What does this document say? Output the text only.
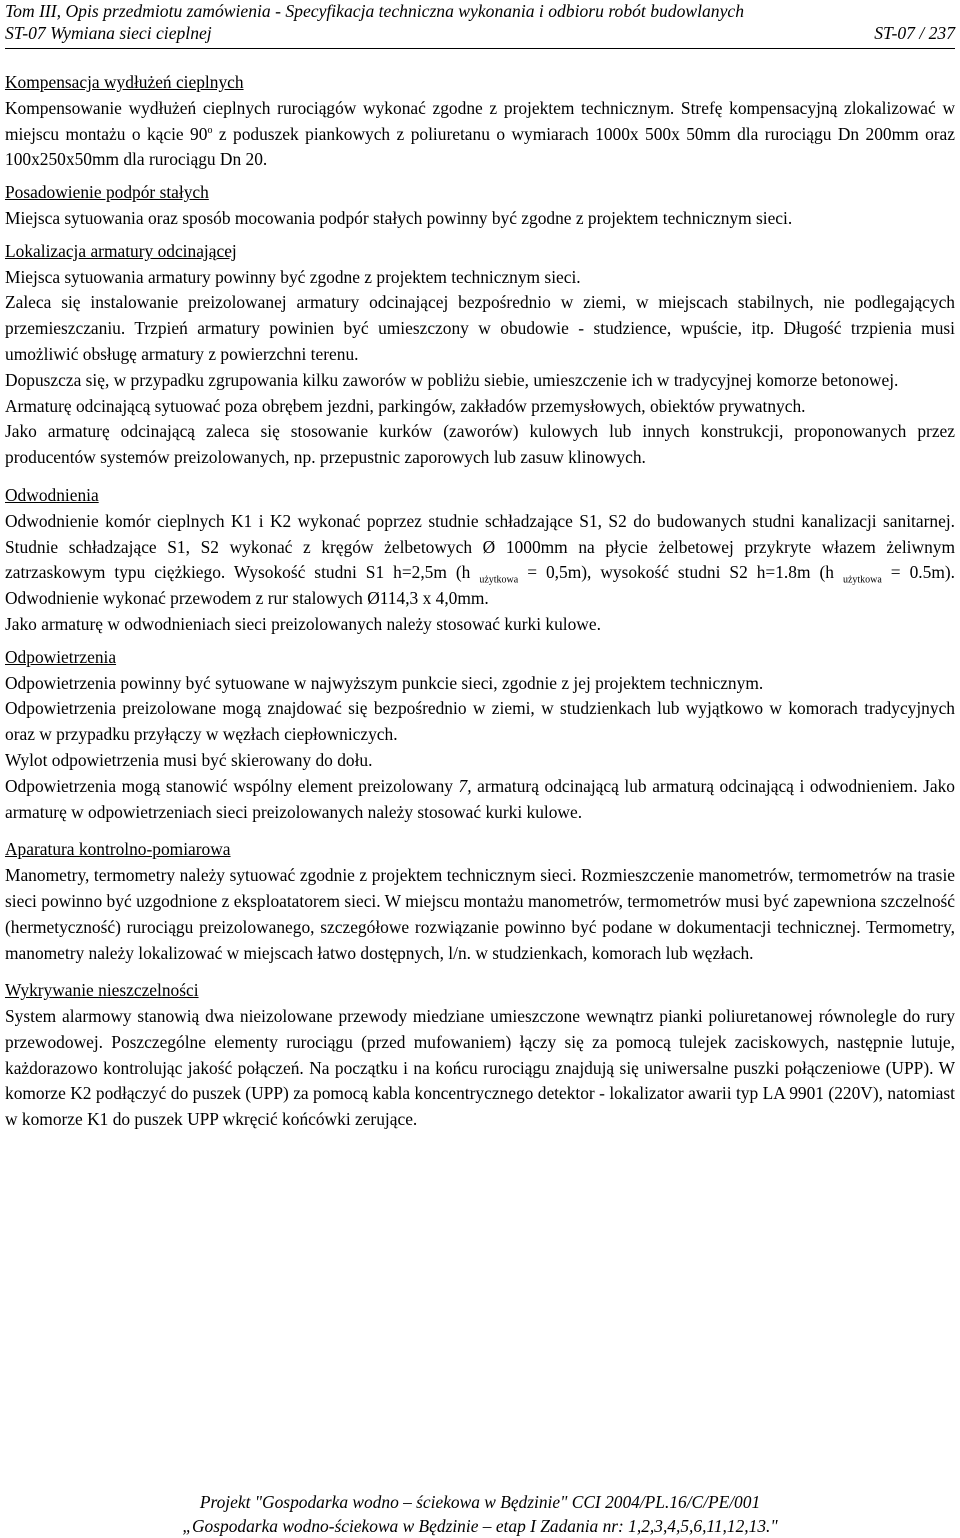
Tom III, Opis przedmiotu zamówienia - Specyfikacja techniczna wykonania i odbioru robót budowlanych
ST-07 Wymiana sieci cieplnej	ST-07 / 237

Kompensacja wydłużeń cieplnych

Kompensowanie wydłużeń cieplnych rurociągów wykonać zgodne z projektem technicznym. Strefę kompensacyjną zlokalizować w miejscu montażu o kącie 90$^o$ z poduszek piankowych z poliuretanu o wymiarach 1000x 500x 50mm dla rurociągu Dn 200mm oraz 100x250x50mm dla rurociągu Dn 20.

Posadowienie podpór stałych

Miejsca sytuowania oraz sposób mocowania podpór stałych powinny być zgodne z projektem technicznym sieci.

Lokalizacja armatury odcinającej

Miejsca sytuowania armatury powinny być zgodne z projektem technicznym sieci.

Zaleca się instalowanie preizolowanej armatury odcinającej bezpośrednio w ziemi, w miejscach stabilnych, nie podlegających przemieszczaniu. Trzpień armatury powinien być umieszczony w obudowie - studzience, wpuście, itp. Długość trzpienia musi umożliwić obsługę armatury z powierzchni terenu.

Dopuszcza się, w przypadku zgrupowania kilku zaworów w pobliżu siebie, umieszczenie ich w tradycyjnej komorze betonowej.

Armaturę odcinającą sytuować poza obrębem jezdni, parkingów, zakładów przemysłowych, obiektów prywatnych.

Jako armaturę odcinającą zaleca się stosowanie kurków (zaworów) kulowych lub innych konstrukcji, proponowanych przez producentów systemów preizolowanych, np. przepustnic zaporowych lub zasuw klinowych.

Odwodnienia

Odwodnienie komór cieplnych K1 i K2 wykonać poprzez studnie schładzające S1, S2 do budowanych studni kanalizacji sanitarnej. Studnie schładzające S1, S2 wykonać z kręgów żelbetowych Ø 1000mm na płycie żelbetowej przykryte włazem żeliwnym zatrzaskowym typu ciężkiego. Wysokość studni S1 h=2,5m (h $_{użytkowa}$ = 0,5m), wysokość studni S2 h=1.8m (h $_{użytkowa}$ = 0.5m). Odwodnienie wykonać przewodem z rur stalowych Ø114,3 x 4,0mm.

Jako armaturę w odwodnieniach sieci preizolowanych należy stosować kurki kulowe.

Odpowietrzenia

Odpowietrzenia powinny być sytuowane w najwyższym punkcie sieci, zgodnie z jej projektem technicznym.

Odpowietrzenia preizolowane mogą znajdować się bezpośrednio w ziemi, w studzienkach lub wyjątkowo w komorach tradycyjnych oraz w przypadku przyłączy w węzłach ciepłowniczych.

Wylot odpowietrzenia musi być skierowany do dołu.

Odpowietrzenia mogą stanowić wspólny element preizolowany 7, armaturą odcinającą lub armaturą odcinającą i odwodnieniem. Jako armaturę w odpowietrzeniach sieci preizolowanych należy stosować kurki kulowe.

Aparatura kontrolno-pomiarowa

Manometry, termometry należy sytuować zgodnie z projektem technicznym sieci. Rozmieszczenie manometrów, termometrów na trasie sieci powinno być uzgodnione z eksploatatorem sieci. W miejscu montażu manometrów, termometrów musi być zapewniona szczelność (hermetyczność) rurociągu preizolowanego, szczegółowe rozwiązanie powinno być podane w dokumentacji technicznej. Termometry, manometry należy lokalizować w miejscach łatwo dostępnych, l/n. w studzienkach, komorach lub węzłach.

Wykrywanie nieszczelności

System alarmowy stanowią dwa nieizolowane przewody miedziane umieszczone wewnątrz pianki poliuretanowej równolegle do rury przewodowej. Poszczególne elementy rurociągu (przed mufowaniem) łączy się za pomocą tulejek zaciskowych, następnie lutuje, każdorazowo kontrolując jakość połączeń. Na początku i na końcu rurociągu znajdują się uniwersalne puszki połączeniowe (UPP). W komorze K2 podłączyć do puszek (UPP) za pomocą kabla koncentrycznego detektor - lokalizator awarii typ LA 9901 (220V), natomiast w komorze K1 do puszek UPP wkręcić końcówki zerujące.

Projekt "Gospodarka wodno – ściekowa w Będzinie" CCI 2004/PL.16/C/PE/001
„Gospodarka wodno-ściekowa w Będzinie – etap I Zadania nr: 1,2,3,4,5,6,11,12,13."
